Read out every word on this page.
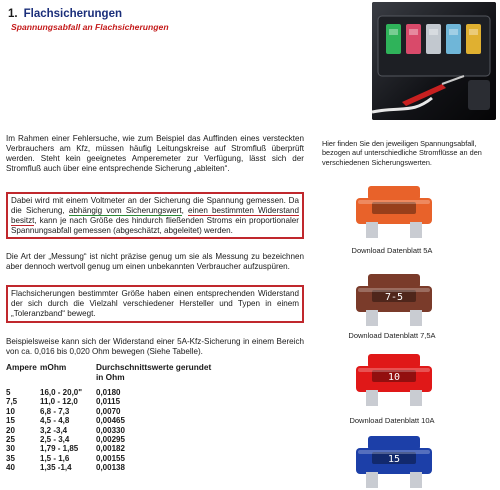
1. Flachsicherungen
Spannungsabfall an Flachsicherungen

Im Rahmen einer Fehlersuche, wie zum Beispiel das Auffinden eines versteckten Verbrauchers am Kfz, müssen häufig Leitungskreise auf Stromfluß überprüft werden. Steht kein geeignetes Amperemeter zur Verfügung, lässt sich der Stromfluß auch über eine entsprechende Sicherung „ableiten“.

Dabei wird mit einem Voltmeter an der Sicherung die Spannung gemessen. Da die Sicherung, abhängig vom Sicherungswert, einen bestimmten Widerstand besitzt, kann je nach Größe des hindurch fließenden Stroms ein proportionaler Spannungsabfall gemessen (abgeschätzt, abgeleitet) werden.

Die Art der „Messung“ ist nicht präzise genug um sie als Messung zu bezeichnen aber dennoch wertvoll genug um einen unbekannten Verbraucher aufzuspüren.

Flachsicherungen bestimmter Größe haben einen entsprechenden Widerstand der sich durch die Vielzahl verschiedener Hersteller und Typen in einem „Toleranzband“ bewegt.

Beispielsweise kann sich der Widerstand einer 5A-Kfz-Sicherung in einem Bereich von ca. 0,016 bis 0,020 Ohm bewegen (Siehe Tabelle).

Ampere mOhm	Durchschnittswerte gerundet in Ohm
5	16,0 - 20,0"	0,0180
7,5	11,0 - 12,0	0,0115
10	6,8 - 7,3	0,0070
15	4,5 - 4,8	0,00465
20	3,2 -3,4	0,00330
25	2,5 - 3,4	0,00295
30	1,79 - 1,85	0,00182
35	1,5 - 1,6	0,00155
40	1,35 -1,4	0,00138

Hier finden Sie den jeweiligen Spannungsabfall, bezogen auf unterschiedliche Stromflüsse an den verschiedenen Sicherungswerten.

Download Datenblatt 5A
7-5
Download Datenblatt 7,5A
10
Download Datenblatt 10A
15
